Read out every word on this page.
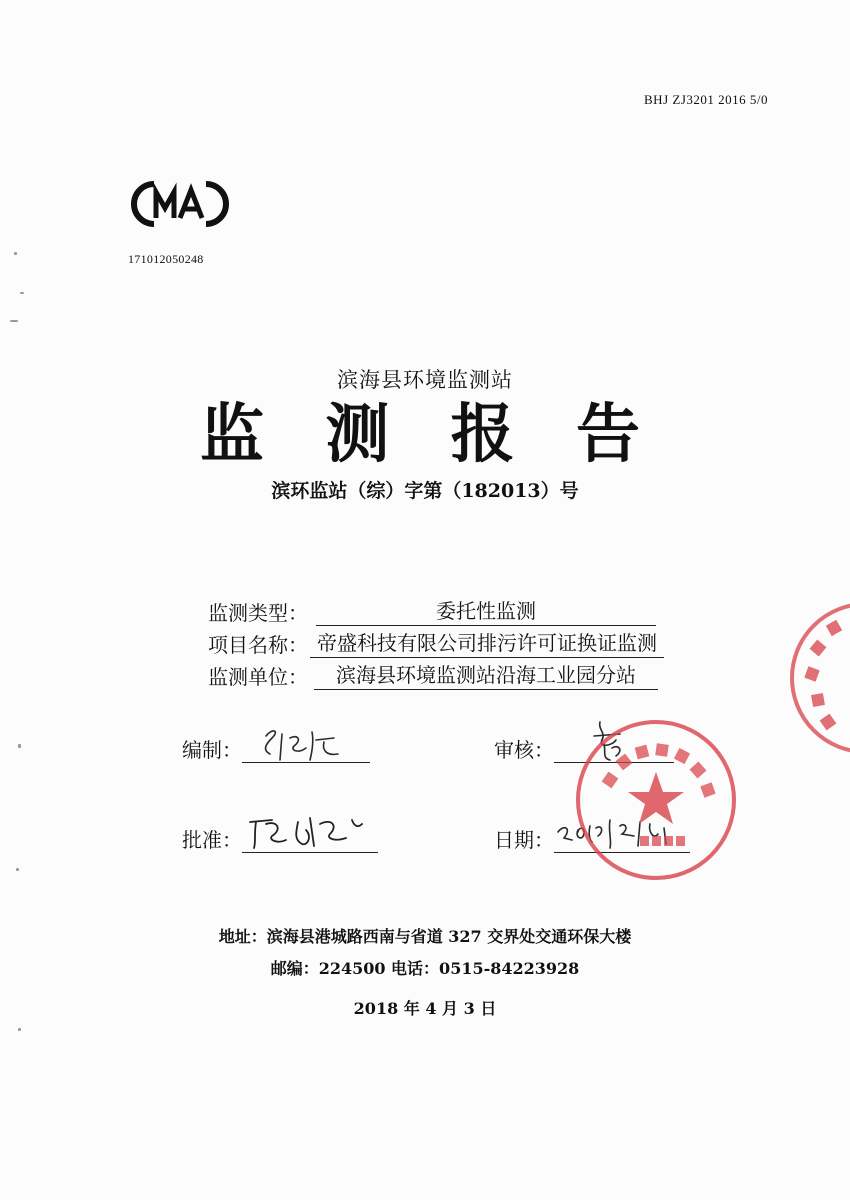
BHJ ZJ3201 2016 5/0
171012050248
滨海县环境监测站
监 测 报 告
滨环监站（综）字第（182013）号
监测类型：	委托性监测
项目名称： 帝盛科技有限公司排污许可证换证监测
监测单位：	滨海县环境监测站沿海工业园分站
编制：	审核：
批准：	日期：
地址：滨海县港城路西南与省道 327 交界处交通环保大楼
邮编：224500 电话：0515-84223928
2018 年 4 月 3 日
